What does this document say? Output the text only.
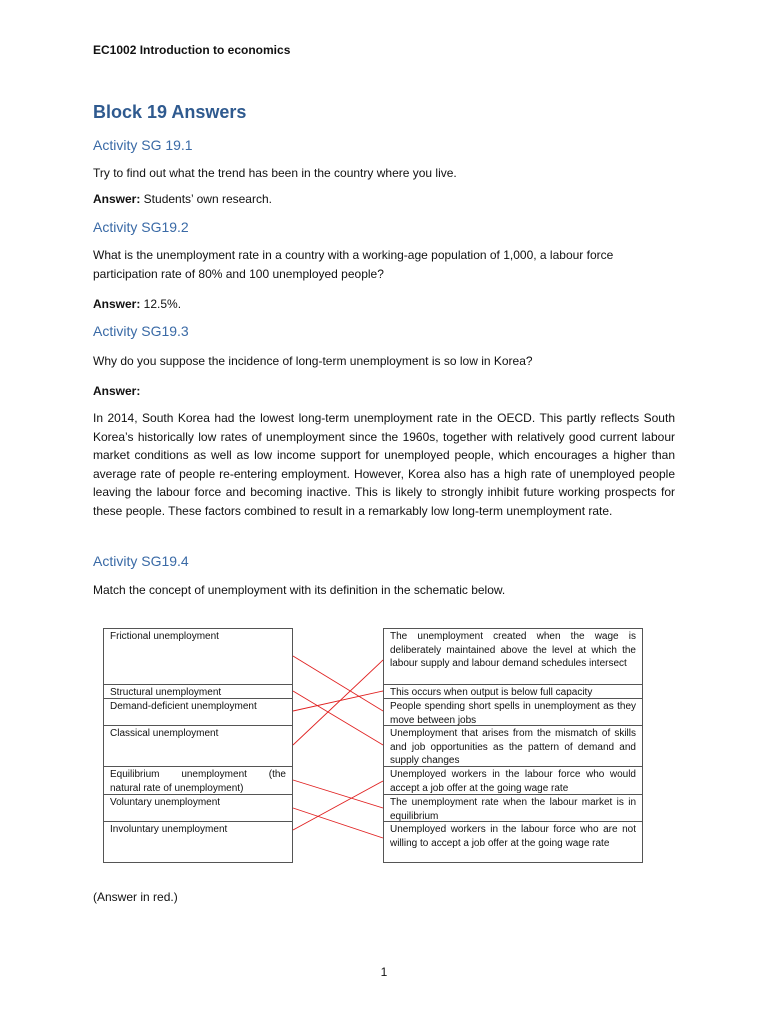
EC1002 Introduction to economics
Block 19 Answers
Activity SG 19.1
Try to find out what the trend has been in the country where you live.
Answer: Students’ own research.
Activity SG19.2
What is the unemployment rate in a country with a working-age population of 1,000, a labour force participation rate of 80% and 100 unemployed people?
Answer: 12.5%.
Activity SG19.3
Why do you suppose the incidence of long-term unemployment is so low in Korea?
Answer:
In 2014, South Korea had the lowest long-term unemployment rate in the OECD. This partly reflects South Korea’s historically low rates of unemployment since the 1960s, together with relatively good current labour market conditions as well as low income support for unemployed people, which encourages a higher than average rate of people re-entering employment. However, Korea also has a high rate of unemployed people leaving the labour force and becoming inactive. This is likely to strongly inhibit future working prospects for these people. These factors combined to result in a remarkably low long-term unemployment rate.
Activity SG19.4
Match the concept of unemployment with its definition in the schematic below.
Frictional unemployment
Structural unemployment
Demand-deficient unemployment
Classical unemployment
Equilibrium unemployment (the
natural rate of unemployment)
Voluntary unemployment
Involuntary unemployment
The unemployment created when the wage is deliberately maintained above the level at which the labour supply and labour demand schedules intersect
This occurs when output is below full capacity
People spending short spells in unemployment as they move between jobs
Unemployment that arises from the mismatch of skills and job opportunities as the pattern of demand and supply changes
Unemployed workers in the labour force who would accept a job offer at the going wage rate
The unemployment rate when the labour market is in equilibrium
Unemployed workers in the labour force who are not willing to accept a job offer at the going wage rate
(Answer in red.)
1
